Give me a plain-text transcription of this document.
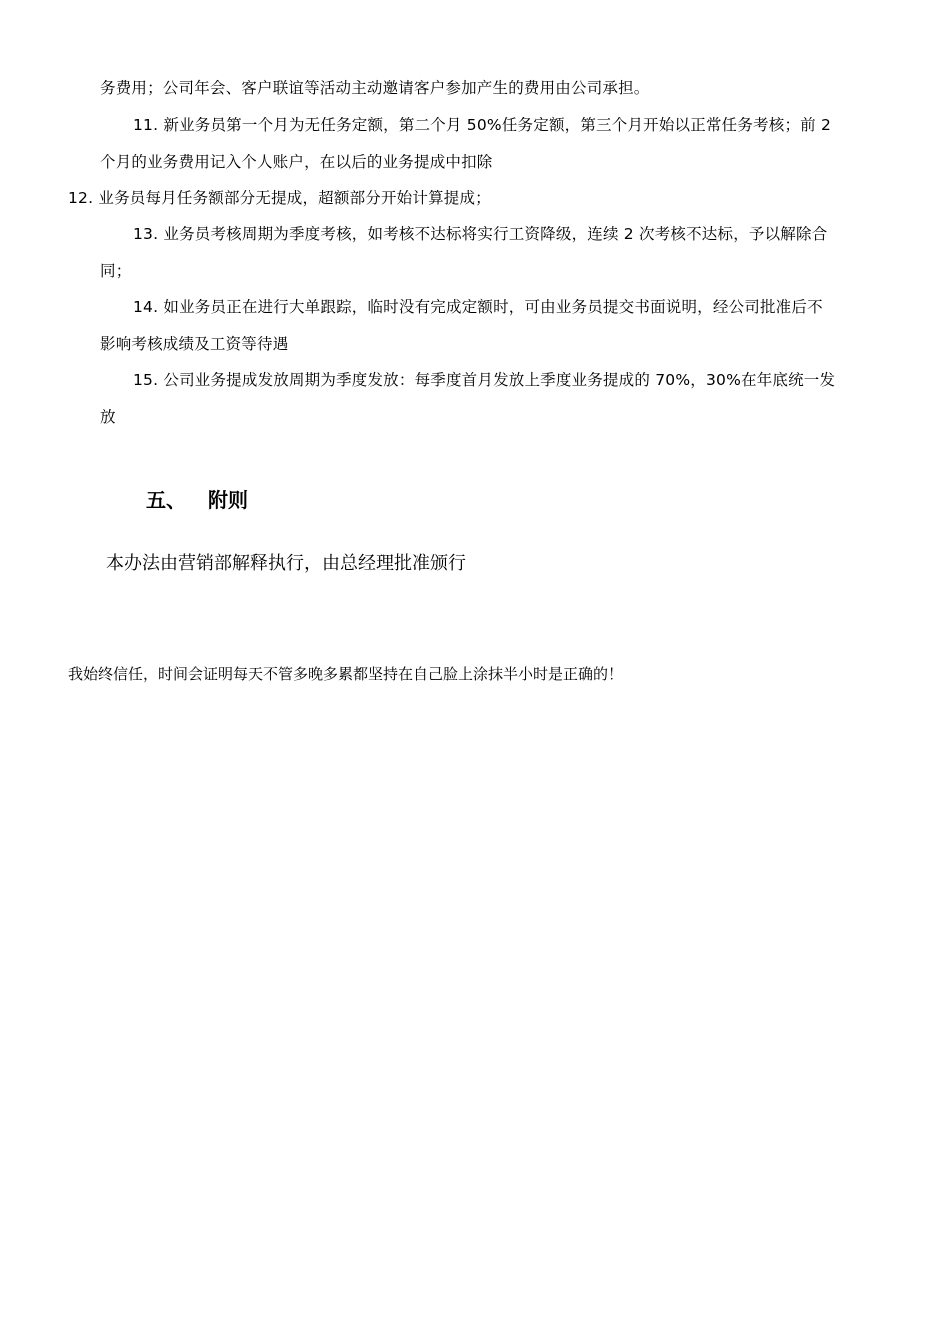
务费用；公司年会、客户联谊等活动主动邀请客户参加产生的费用由公司承担。
11. 新业务员第一个月为无任务定额，第二个月 50%任务定额，第三个月开始以正常任务考核；前 2
个月的业务费用记入个人账户，在以后的业务提成中扣除
12. 业务员每月任务额部分无提成，超额部分开始计算提成；
13. 业务员考核周期为季度考核，如考核不达标将实行工资降级，连续 2 次考核不达标，予以解除合
同；
14. 如业务员正在进行大单跟踪，临时没有完成定额时，可由业务员提交书面说明，经公司批准后不
影响考核成绩及工资等待遇
15. 公司业务提成发放周期为季度发放：每季度首月发放上季度业务提成的 70%，30%在年底统一发
放
五、 附则
本办法由营销部解释执行，由总经理批准颁行
我始终信任，时间会证明每天不管多晚多累都坚持在自己脸上涂抹半小时是正确的！
